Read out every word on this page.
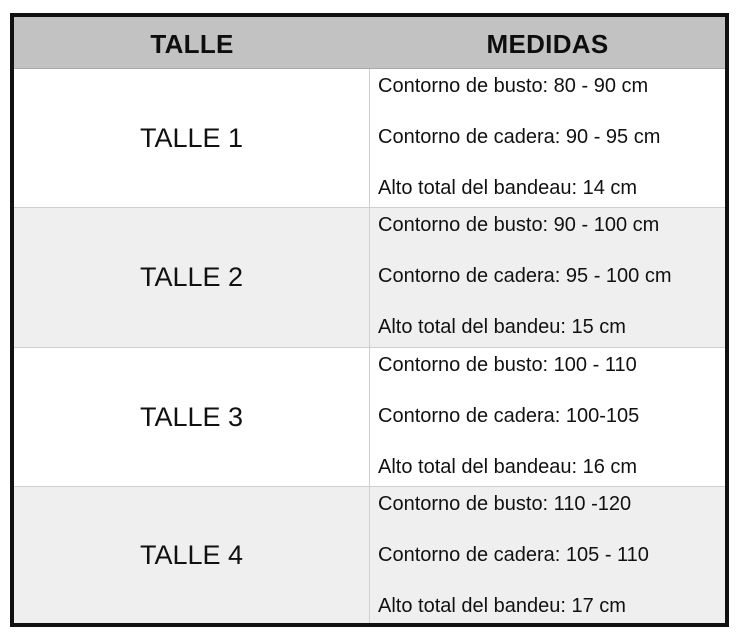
TALLE	MEDIDAS
TALLE 1
Contorno de busto: 80 - 90 cm
Contorno de cadera: 90 - 95 cm
Alto total del bandeau: 14 cm
TALLE 2
Contorno de busto: 90 - 100 cm
Contorno de cadera: 95 - 100 cm
Alto total del bandeu: 15 cm
TALLE 3
Contorno de busto: 100 - 110
Contorno de cadera: 100-105
Alto total del bandeau: 16 cm
TALLE 4
Contorno de busto: 110 -120
Contorno de cadera: 105 - 110
Alto total del bandeu: 17 cm
